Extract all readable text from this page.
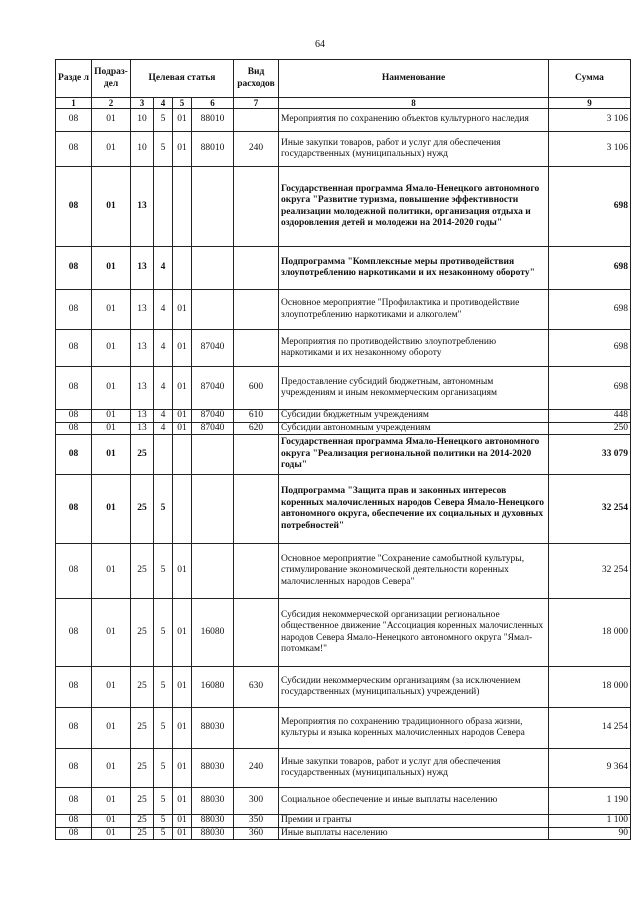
64
Разде л	Подраз- дел	Целевая статья				Вид расходов	Наименование	Сумма
1	2	3	4	5	6	7	8	9
08	01	10	5	01	88010		Мероприятия по сохранению объектов культурного наследия	3 106
08	01	10	5	01	88010	240	Иные закупки товаров, работ и услуг для обеспечения государственных (муниципальных) нужд	3 106
08	01	13					Государственная программа Ямало-Ненецкого автономного округа "Развитие туризма, повышение эффективности реализации молодежной политики, организация отдыха и оздоровления детей и молодежи на 2014-2020 годы"	698
08	01	13	4				Подпрограмма "Комплексные меры противодействия злоупотреблению наркотиками и их незаконному обороту"	698
08	01	13	4	01			Основное мероприятие "Профилактика и противодействие злоупотреблению наркотиками и алкоголем"	698
08	01	13	4	01	87040		Мероприятия по противодействию злоупотреблению наркотиками и их незаконному обороту	698
08	01	13	4	01	87040	600	Предоставление субсидий бюджетным, автономным учреждениям и иным некоммерческим организациям	698
08	01	13	4	01	87040	610	Субсидии бюджетным учреждениям	448
08	01	13	4	01	87040	620	Субсидии автономным учреждениям	250
08	01	25					Государственная программа Ямало-Ненецкого автономного округа "Реализация региональной политики на 2014-2020 годы"	33 079
08	01	25	5				Подпрограмма "Защита прав и законных интересов коренных малочисленных народов Севера Ямало-Ненецкого автономного округа, обеспечение их социальных и духовных потребностей"	32 254
08	01	25	5	01			Основное мероприятие "Сохранение самобытной культуры, стимулирование экономической деятельности коренных малочисленных народов Севера"	32 254
08	01	25	5	01	16080		Субсидия некоммерческой организации региональное общественное движение "Ассоциация коренных малочисленных народов Севера Ямало-Ненецкого автономного округа "Ямал-потомкам!"	18 000
08	01	25	5	01	16080	630	Субсидии некоммерческим организациям (за исключением государственных (муниципальных) учреждений)	18 000
08	01	25	5	01	88030		Мероприятия по сохранению традиционного образа жизни, культуры и языка коренных малочисленных народов Севера	14 254
08	01	25	5	01	88030	240	Иные закупки товаров, работ и услуг для обеспечения государственных (муниципальных) нужд	9 364
08	01	25	5	01	88030	300	Социальное обеспечение и иные выплаты населению	1 190
08	01	25	5	01	88030	350	Премии и гранты	1 100
08	01	25	5	01	88030	360	Иные выплаты населению	90
